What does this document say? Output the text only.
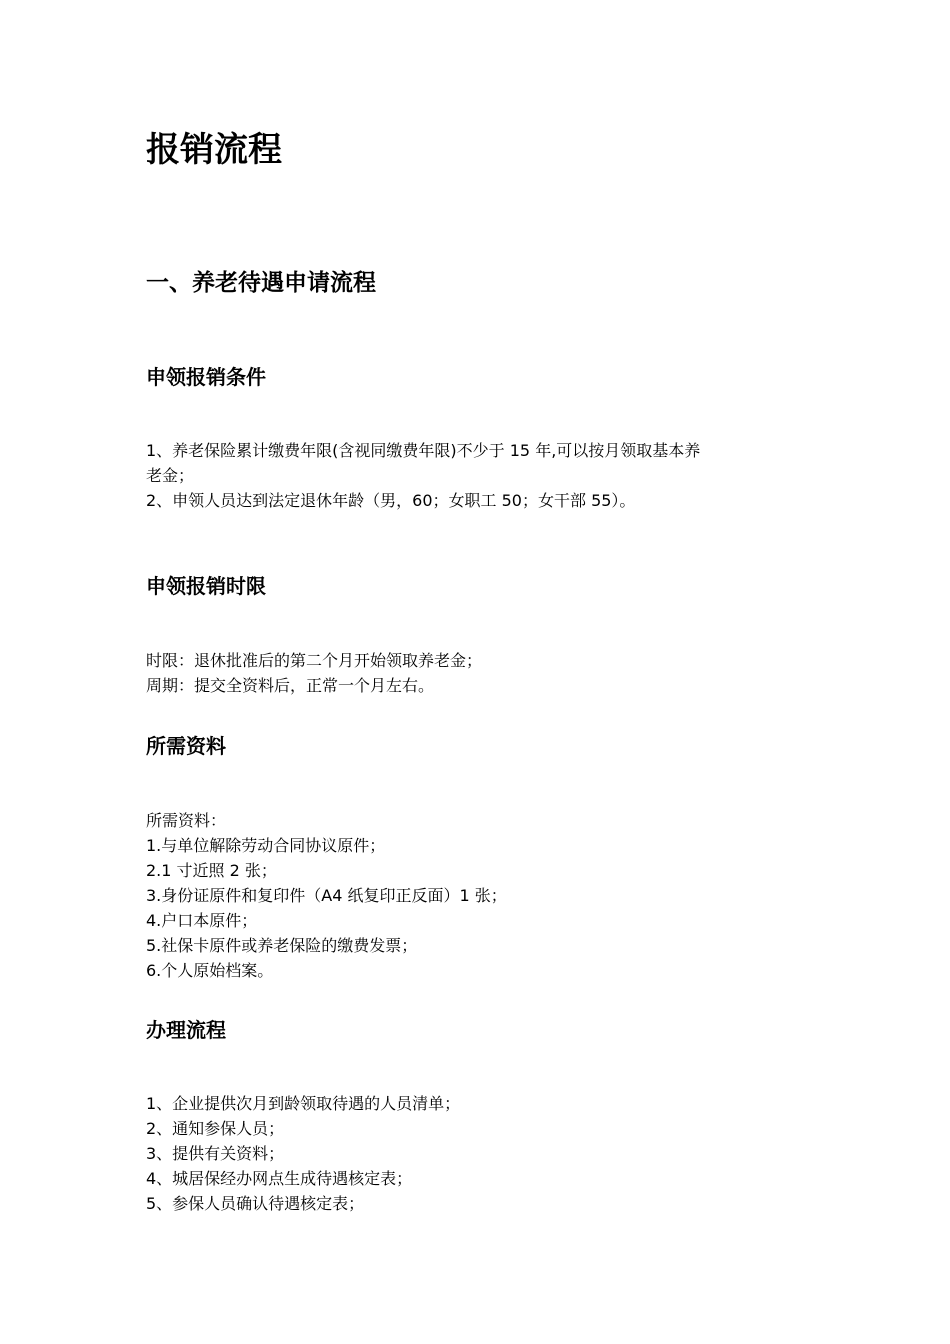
报销流程
一、养老待遇申请流程
申领报销条件
1、养老保险累计缴费年限(含视同缴费年限)不少于 15 年,可以按月领取基本养
老金；
2、申领人员达到法定退休年龄（男，60；女职工 50；女干部 55）。
申领报销时限
时限：退休批准后的第二个月开始领取养老金；
周期：提交全资料后，正常一个月左右。
所需资料
所需资料：
1.与单位解除劳动合同协议原件；
2.1 寸近照 2 张；
3.身份证原件和复印件（A4 纸复印正反面）1 张；
4.户口本原件；
5.社保卡原件或养老保险的缴费发票；
6.个人原始档案。
办理流程
1、企业提供次月到龄领取待遇的人员清单；
2、通知参保人员；
3、提供有关资料；
4、城居保经办网点生成待遇核定表；
5、参保人员确认待遇核定表；
